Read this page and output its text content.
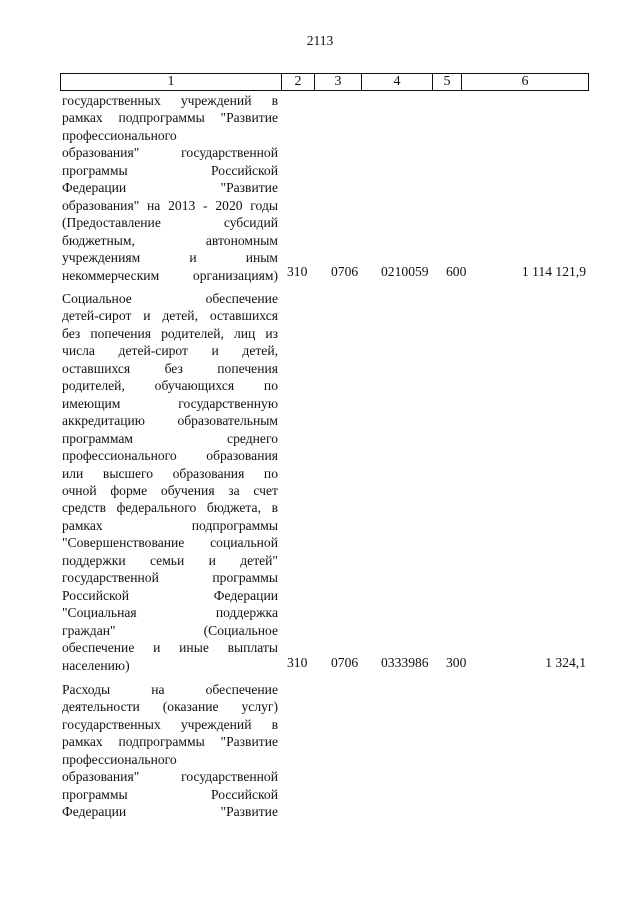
2113
1	2	3	4	5	6
государственных учреждений в
рамках подпрограммы "Развитие
профессионального
образования" государственной
программы Российской
Федерации "Развитие
образования" на 2013 - 2020 годы
(Предоставление субсидий
бюджетным, автономным
учреждениям и иным
некоммерческим организациям) 310 0706 0210059 600	1 114 121,9
Социальное обеспечение
детей-сирот и детей, оставшихся
без попечения родителей, лиц из
числа детей-сирот и детей,
оставшихся без попечения
родителей, обучающихся по
имеющим государственную
аккредитацию образовательным
программам среднего
профессионального образования
или высшего образования по
очной форме обучения за счет
средств федерального бюджета, в
рамках подпрограммы
"Совершенствование социальной
поддержки семьи и детей"
государственной программы
Российской Федерации
"Социальная поддержка
граждан" (Социальное
обеспечение и иные выплаты
населению)	310 0706 0333986 300	1 324,1
Расходы на обеспечение
деятельности (оказание услуг)
государственных учреждений в
рамках подпрограммы "Развитие
профессионального
образования" государственной
программы Российской
Федерации "Развитие
